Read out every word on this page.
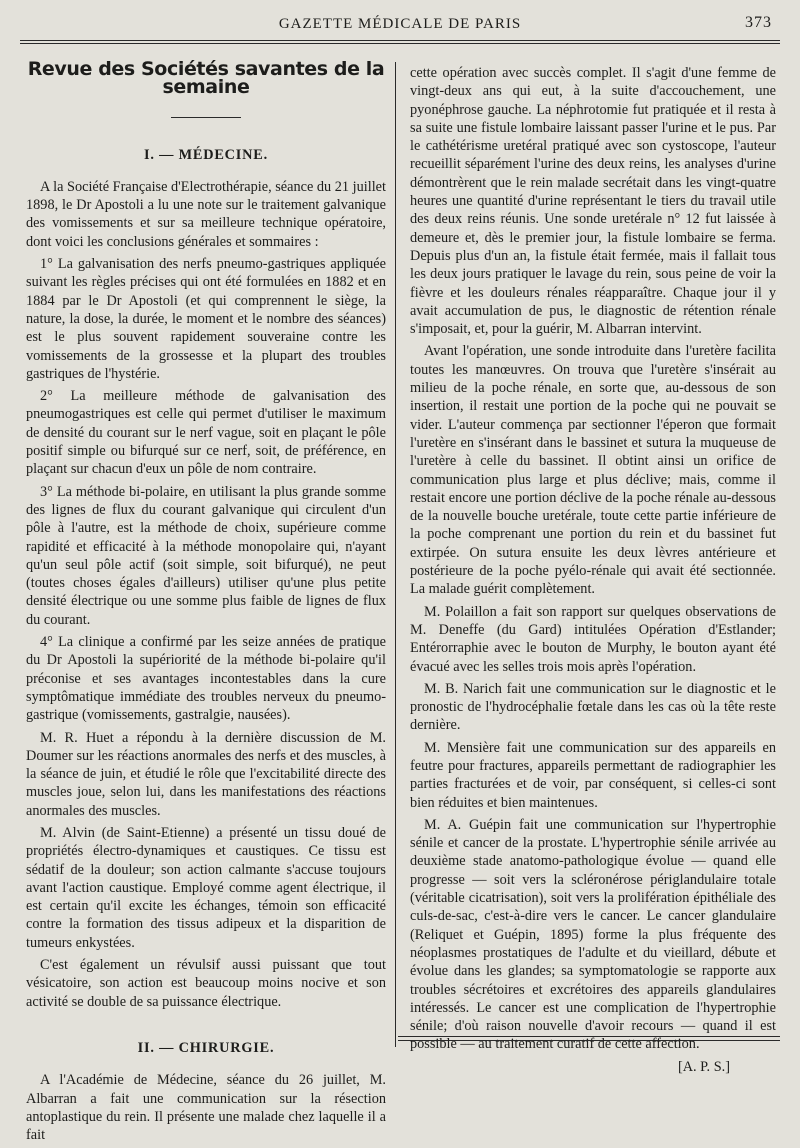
GAZETTE MÉDICALE DE PARIS	373
Revue des Sociétés savantes de la semaine
I. — MÉDECINE.

A la Société Française d'Electrothérapie, séance du 21 juillet 1898, le Dr Apostoli a lu une note sur le traitement galvanique des vomissements et sur sa meilleure technique opératoire, dont voici les conclusions générales et sommaires :

1° La galvanisation des nerfs pneumo-gastriques appliquée suivant les règles précises qui ont été formulées en 1882 et en 1884 par le Dr Apostoli (et qui comprennent le siège, la nature, la dose, la durée, le moment et le nombre des séances) est le plus souvent rapidement souveraine contre les vomissements de la grossesse et la plupart des troubles gastriques de l'hystérie.

2° La meilleure méthode de galvanisation des pneumogastriques est celle qui permet d'utiliser le maximum de densité du courant sur le nerf vague, soit en plaçant le pôle positif simple ou bifurqué sur ce nerf, soit, de préférence, en plaçant sur chacun d'eux un pôle de nom contraire.

3° La méthode bi-polaire, en utilisant la plus grande somme des lignes de flux du courant galvanique qui circulent d'un pôle à l'autre, est la méthode de choix, supérieure comme rapidité et efficacité à la méthode monopolaire qui, n'ayant qu'un seul pôle actif (soit simple, soit bifurqué), ne peut (toutes choses égales d'ailleurs) utiliser qu'une plus petite densité électrique ou une somme plus faible de lignes de flux du courant.

4° La clinique a confirmé par les seize années de pratique du Dr Apostoli la supériorité de la méthode bi-polaire qu'il préconise et ses avantages incontestables dans la cure symptômatique immédiate des troubles nerveux du pneumo-gastrique (vomissements, gastralgie, nausées).

M. R. Huet a répondu à la dernière discussion de M. Doumer sur les réactions anormales des nerfs et des muscles, à la séance de juin, et étudié le rôle que l'excitabilité directe des muscles joue, selon lui, dans les manifestations des réactions anormales des muscles.

M. Alvin (de Saint-Etienne) a présenté un tissu doué de propriétés électro-dynamiques et caustiques. Ce tissu est sédatif de la douleur; son action calmante s'accuse toujours avant l'action caustique. Employé comme agent électrique, il est certain qu'il excite les échanges, témoin son efficacité contre la formation des tissus adipeux et la disparition de tumeurs enkystées.

C'est également un révulsif aussi puissant que tout vésicatoire, son action est beaucoup moins nocive et son activité se double de sa puissance électrique.

II. — CHIRURGIE.

A l'Académie de Médecine, séance du 26 juillet, M. Albarran a fait une communication sur la résection antoplastique du rein. Il présente une malade chez laquelle il a fait

cette opération avec succès complet. Il s'agit d'une femme de vingt-deux ans qui eut, à la suite d'accouchement, une pyonéphrose gauche. La néphrotomie fut pratiquée et il resta à sa suite une fistule lombaire laissant passer l'urine et le pus. Par le cathétérisme uretéral pratiqué avec son cystoscope, l'auteur recueillit séparément l'urine des deux reins, les analyses d'urine démontrèrent que le rein malade secrétait dans les vingt-quatre heures une quantité d'urine représentant le tiers du travail utile des deux reins réunis. Une sonde uretérale n° 12 fut laissée à demeure et, dès le premier jour, la fistule lombaire se ferma. Depuis plus d'un an, la fistule était fermée, mais il fallait tous les deux jours pratiquer le lavage du rein, sous peine de voir la fièvre et les douleurs rénales réapparaître. Chaque jour il y avait accumulation de pus, le diagnostic de rétention rénale s'imposait, et, pour la guérir, M. Albarran intervint.

Avant l'opération, une sonde introduite dans l'uretère facilita toutes les manœuvres. On trouva que l'uretère s'insérait au milieu de la poche rénale, en sorte que, au-dessous de son insertion, il restait une portion de la poche qui ne pouvait se vider. L'auteur commença par sectionner l'éperon que formait l'uretère en s'insérant dans le bassinet et sutura la muqueuse de l'uretère à celle du bassinet. Il obtint ainsi un orifice de communication plus large et plus déclive; mais, comme il restait encore une portion déclive de la poche rénale au-dessous de la nouvelle bouche uretérale, toute cette partie inférieure de la poche comprenant une portion du rein et du bassinet fut extirpée. On sutura ensuite les deux lèvres antérieure et postérieure de la poche pyélo-rénale qui avait été sectionnée. La malade guérit complètement.

M. Polaillon a fait son rapport sur quelques observations de M. Deneffe (du Gard) intitulées Opération d'Estlander; Entérorraphie avec le bouton de Murphy, le bouton ayant été évacué avec les selles trois mois après l'opération.

M. B. Narich fait une communication sur le diagnostic et le pronostic de l'hydrocéphalie fœtale dans les cas où la tête reste dernière.

M. Mensière fait une communication sur des appareils en feutre pour fractures, appareils permettant de radiographier les parties fracturées et de voir, par conséquent, si celles-ci sont bien réduites et bien maintenues.

M. A. Guépin fait une communication sur l'hypertrophie sénile et cancer de la prostate. L'hypertrophie sénile arrivée au deuxième stade anatomo-pathologique évolue — quand elle progresse — soit vers la scléronérose périglandulaire totale (véritable cicatrisation), soit vers la prolifération épithéliale des culs-de-sac, c'est-à-dire vers le cancer. Le cancer glandulaire (Reliquet et Guépin, 1895) forme la plus fréquente des néoplasmes prostatiques de l'adulte et du vieillard, débute et évolue dans les glandes; sa symptomatologie se rapporte aux troubles sécrétoires et excrétoires des appareils glandulaires intéressés. Le cancer est une complication de l'hypertrophie sénile; d'où raison nouvelle d'avoir recours — quand il est possible — au traitement curatif de cette affection.

[A. P. S.]
